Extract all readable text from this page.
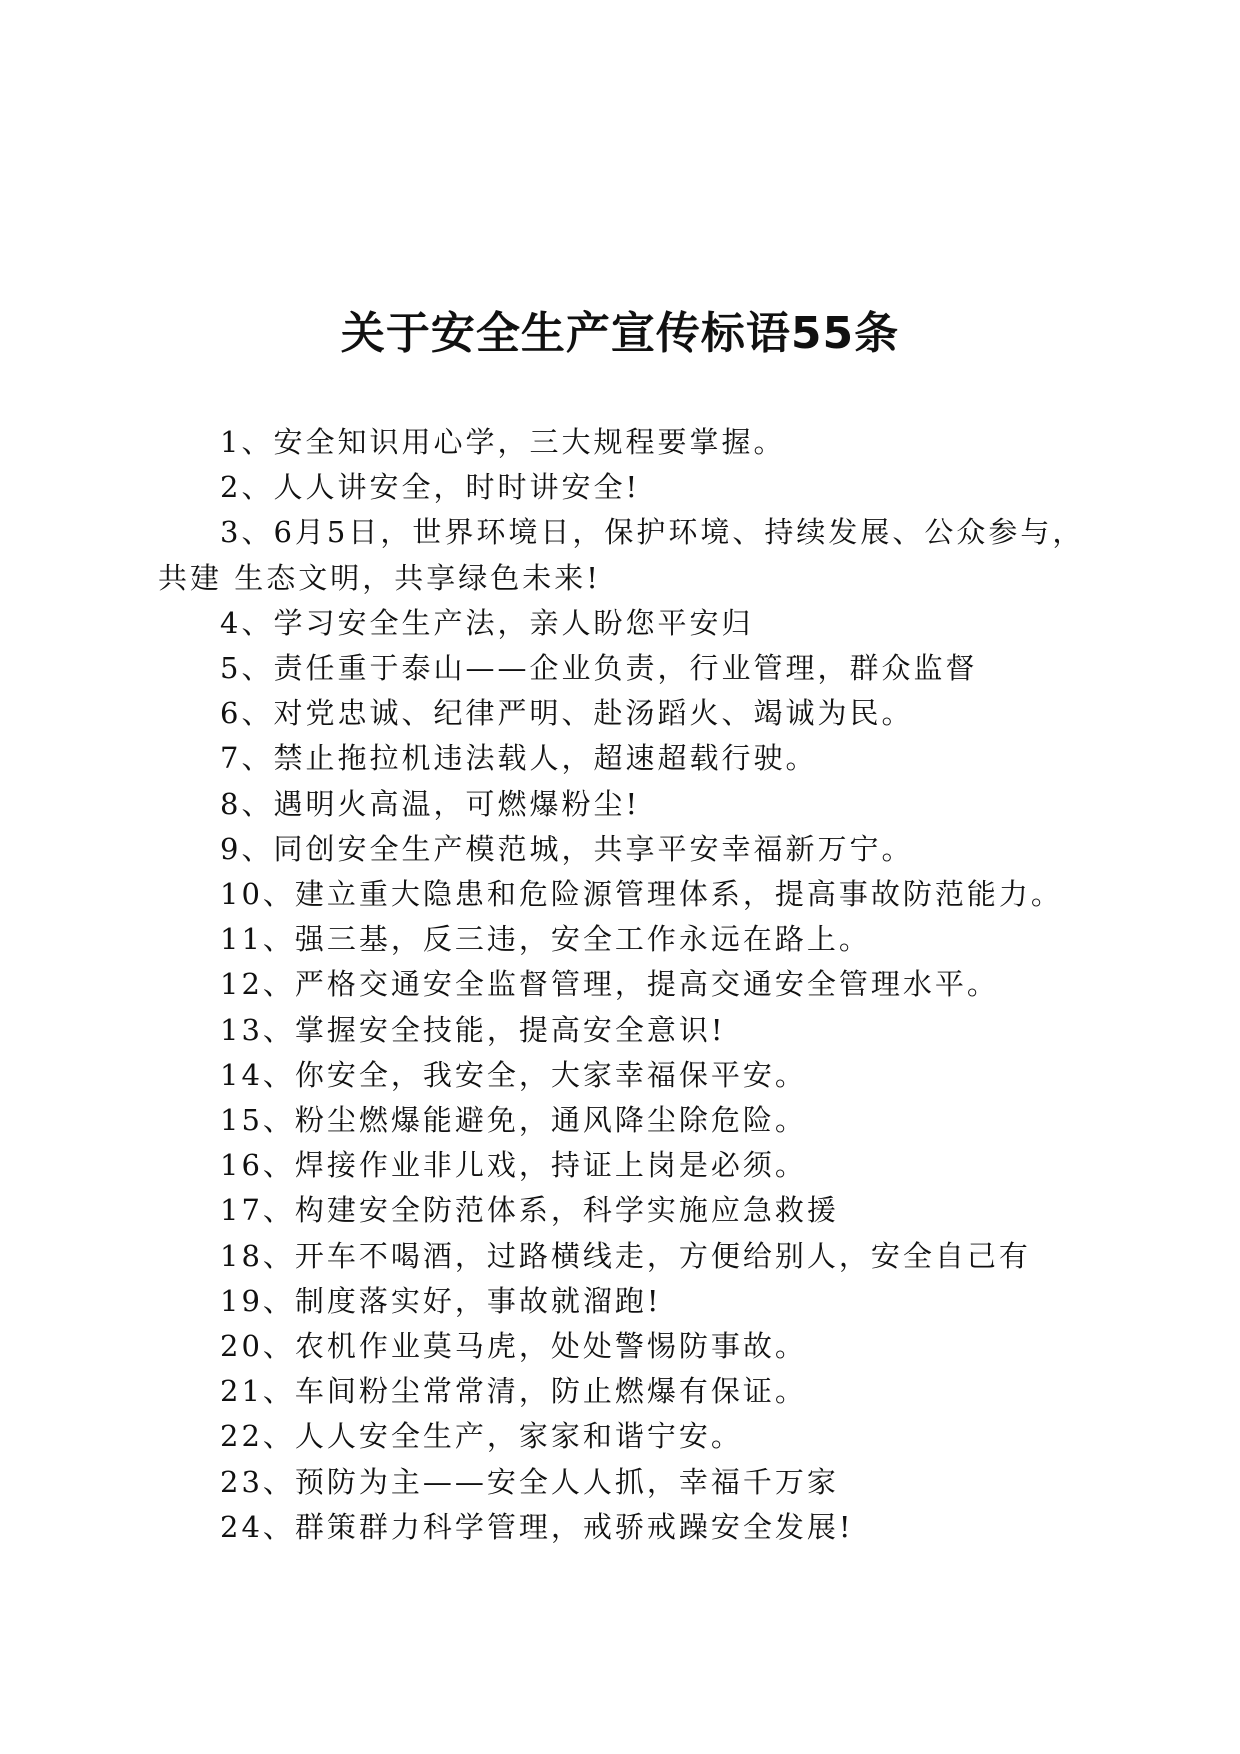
关于安全生产宣传标语55条
1、安全知识用心学，三大规程要掌握。
2、人人讲安全，时时讲安全!
3、6月5日，世界环境日，保护环境、持续发展、公众参与，共建 生态文明，共享绿色未来!
4、学习安全生产法，亲人盼您平安归
5、责任重于泰山——企业负责，行业管理，群众监督
6、对党忠诚、纪律严明、赴汤蹈火、竭诚为民。
7、禁止拖拉机违法载人，超速超载行驶。
8、遇明火高温，可燃爆粉尘!
9、同创安全生产模范城，共享平安幸福新万宁。
10、建立重大隐患和危险源管理体系，提高事故防范能力。
11、强三基，反三违，安全工作永远在路上。
12、严格交通安全监督管理，提高交通安全管理水平。
13、掌握安全技能，提高安全意识!
14、你安全，我安全，大家幸福保平安。
15、粉尘燃爆能避免，通风降尘除危险。
16、焊接作业非儿戏，持证上岗是必须。
17、构建安全防范体系，科学实施应急救援
18、开车不喝酒，过路横线走，方便给别人，安全自己有
19、制度落实好，事故就溜跑!
20、农机作业莫马虎，处处警惕防事故。
21、车间粉尘常常清，防止燃爆有保证。
22、人人安全生产，家家和谐宁安。
23、预防为主——安全人人抓，幸福千万家
24、群策群力科学管理，戒骄戒躁安全发展!
